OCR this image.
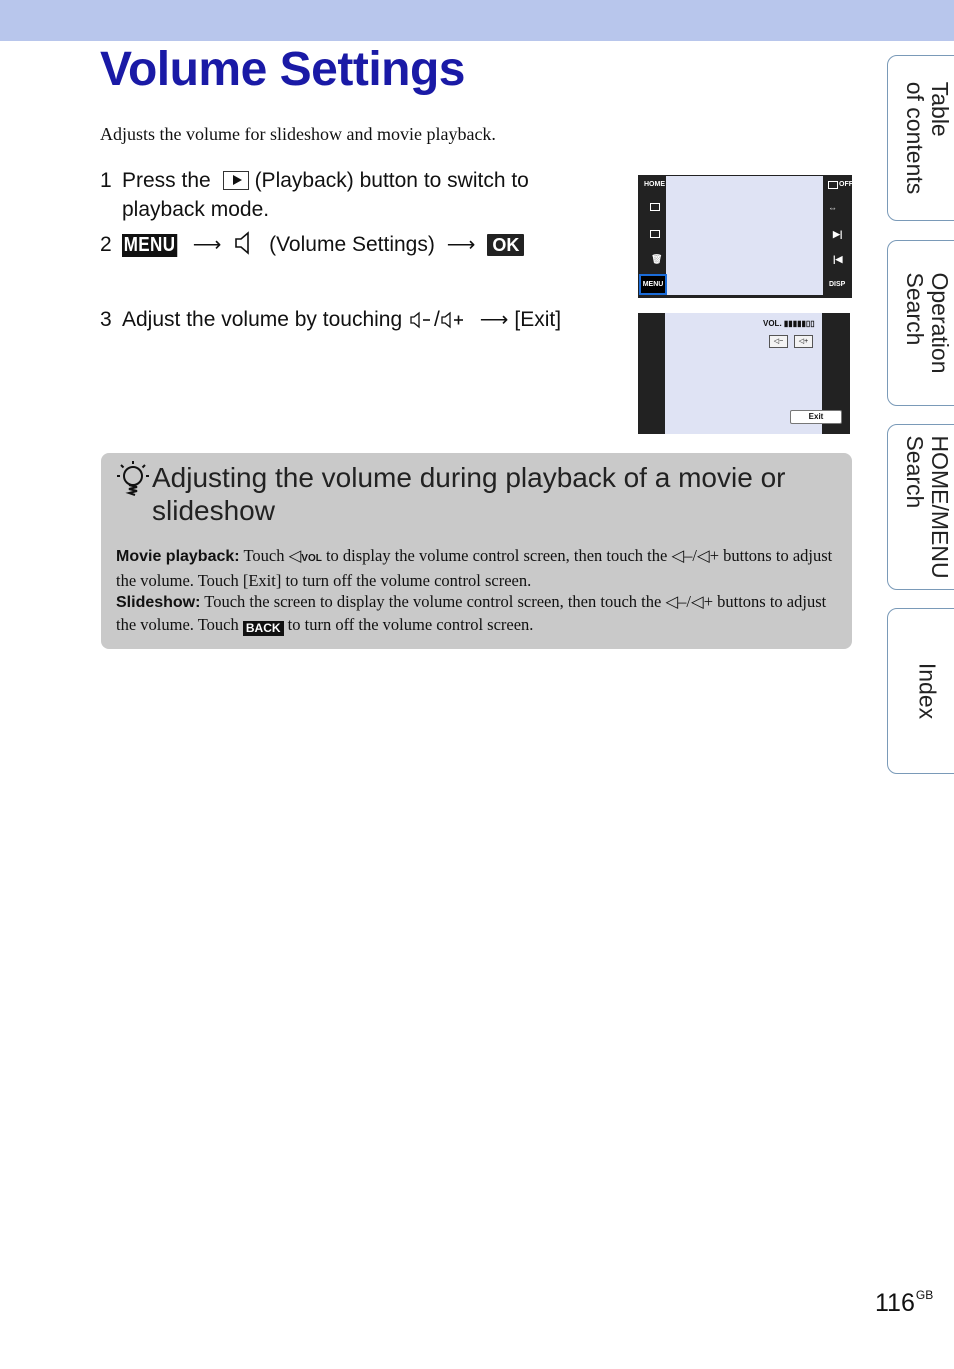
Volume Settings
Adjusts the volume for slideshow and movie playback.
1 Press the (Playback) button to switch to
playback mode.
2 MENU ⟶ (Volume Settings) ⟶ OK
3 Adjust the volume by touching / ⟶ [Exit]
HOME
🗑
MENU
OFF
⇔
▶|
|◀
DISP
VOL. ▮▮▮▮▮▯▯
◁−	◁+
Exit
Adjusting the volume during playback of a movie or slideshow
Movie playback: Touch ◁VOL to display the volume control screen, then touch the ◁–/◁+ buttons to adjust the volume. Touch [Exit] to turn off the volume control screen.
Slideshow: Touch the screen to display the volume control screen, then touch the ◁–/◁+ buttons to adjust the volume. Touch BACK to turn off the volume control screen.
Table
of contents
Operation
Search
HOME/MENU
Search
Index
$116^{GB}$
